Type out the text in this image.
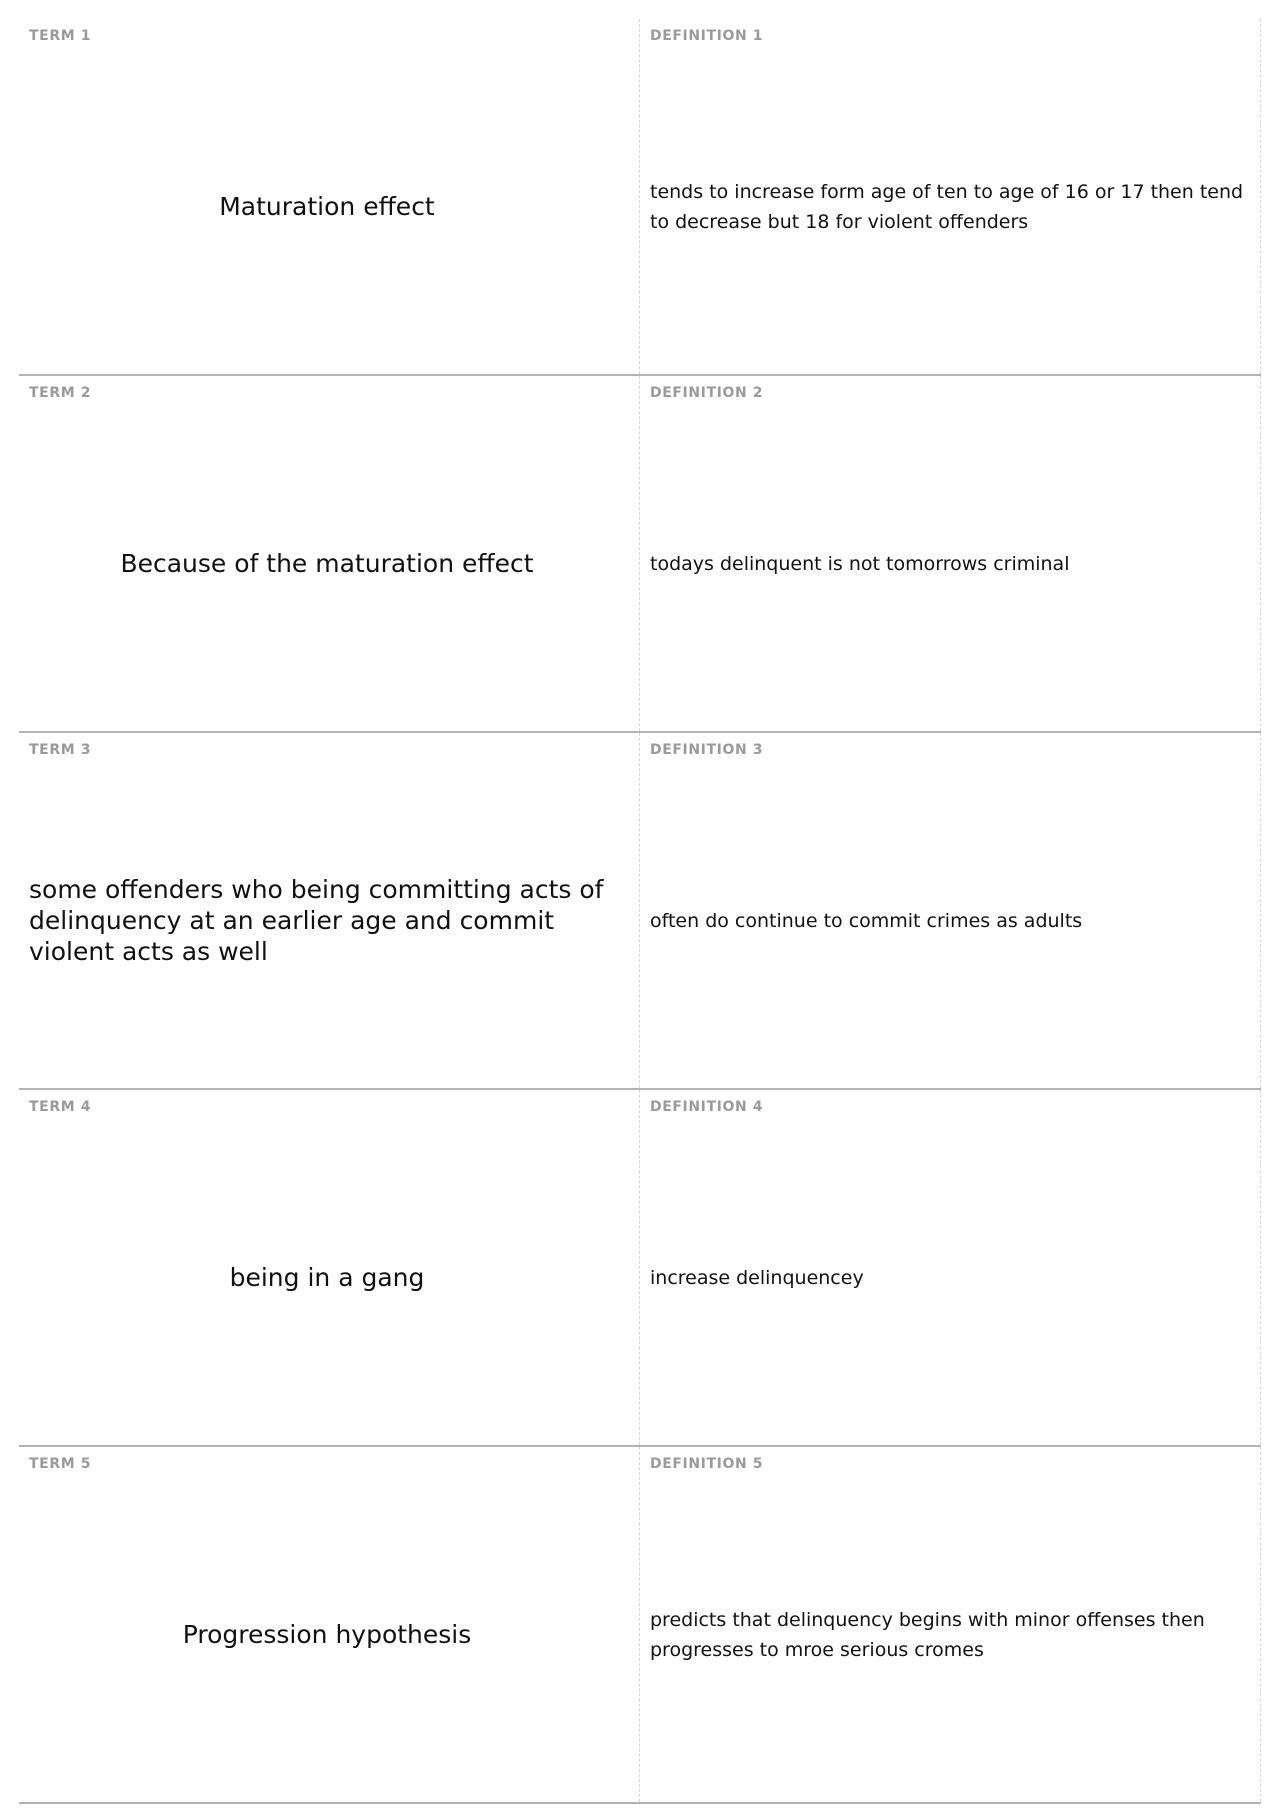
TERM 1
Maturation effect
DEFINITION 1
tends to increase form age of ten to age of 16 or 17 then tend to decrease but 18 for violent offenders
TERM 2
Because of the maturation effect
DEFINITION 2
todays delinquent is not tomorrows criminal
TERM 3
some offenders who being committing acts of delinquency at an earlier age and commit violent acts as well
DEFINITION 3
often do continue to commit crimes as adults
TERM 4
being in a gang
DEFINITION 4
increase delinquencey
TERM 5
Progression hypothesis
DEFINITION 5
predicts that delinquency begins with minor offenses then progresses to mroe serious cromes
